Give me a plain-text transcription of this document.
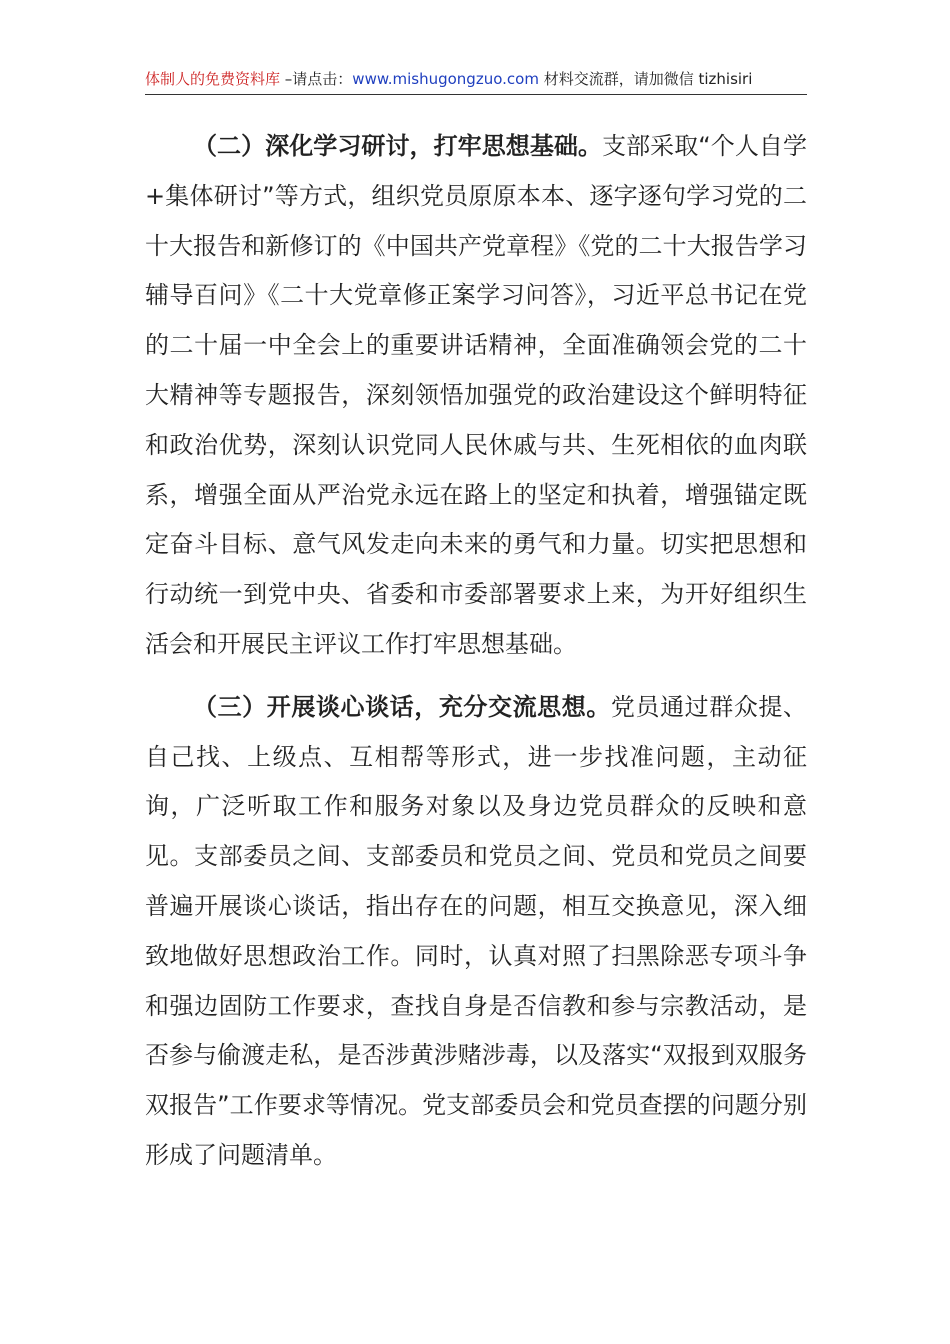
体制人的免费资料库 –请点击：www.mishugongzuo.com 材料交流群，请加微信 tizhisiri

（二）深化学习研讨，打牢思想基础。支部采取“个人自学+集体研讨”等方式，组织党员原原本本、逐字逐句学习党的二十大报告和新修订的《中国共产党章程》《党的二十大报告学习辅导百问》《二十大党章修正案学习问答》，习近平总书记在党的二十届一中全会上的重要讲话精神，全面准确领会党的二十大精神等专题报告，深刻领悟加强党的政治建设这个鲜明特征和政治优势，深刻认识党同人民休戚与共、生死相依的血肉联系，增强全面从严治党永远在路上的坚定和执着，增强锚定既定奋斗目标、意气风发走向未来的勇气和力量。切实把思想和行动统一到党中央、省委和市委部署要求上来，为开好组织生活会和开展民主评议工作打牢思想基础。

（三）开展谈心谈话，充分交流思想。党员通过群众提、自己找、上级点、互相帮等形式，进一步找准问题，主动征询，广泛听取工作和服务对象以及身边党员群众的反映和意见。支部委员之间、支部委员和党员之间、党员和党员之间要普遍开展谈心谈话，指出存在的问题，相互交换意见，深入细致地做好思想政治工作。同时，认真对照了扫黑除恶专项斗争和强边固防工作要求，查找自身是否信教和参与宗教活动，是否参与偷渡走私，是否涉黄涉赌涉毒，以及落实“双报到双服务双报告”工作要求等情况。党支部委员会和党员查摆的问题分别形成了问题清单。
